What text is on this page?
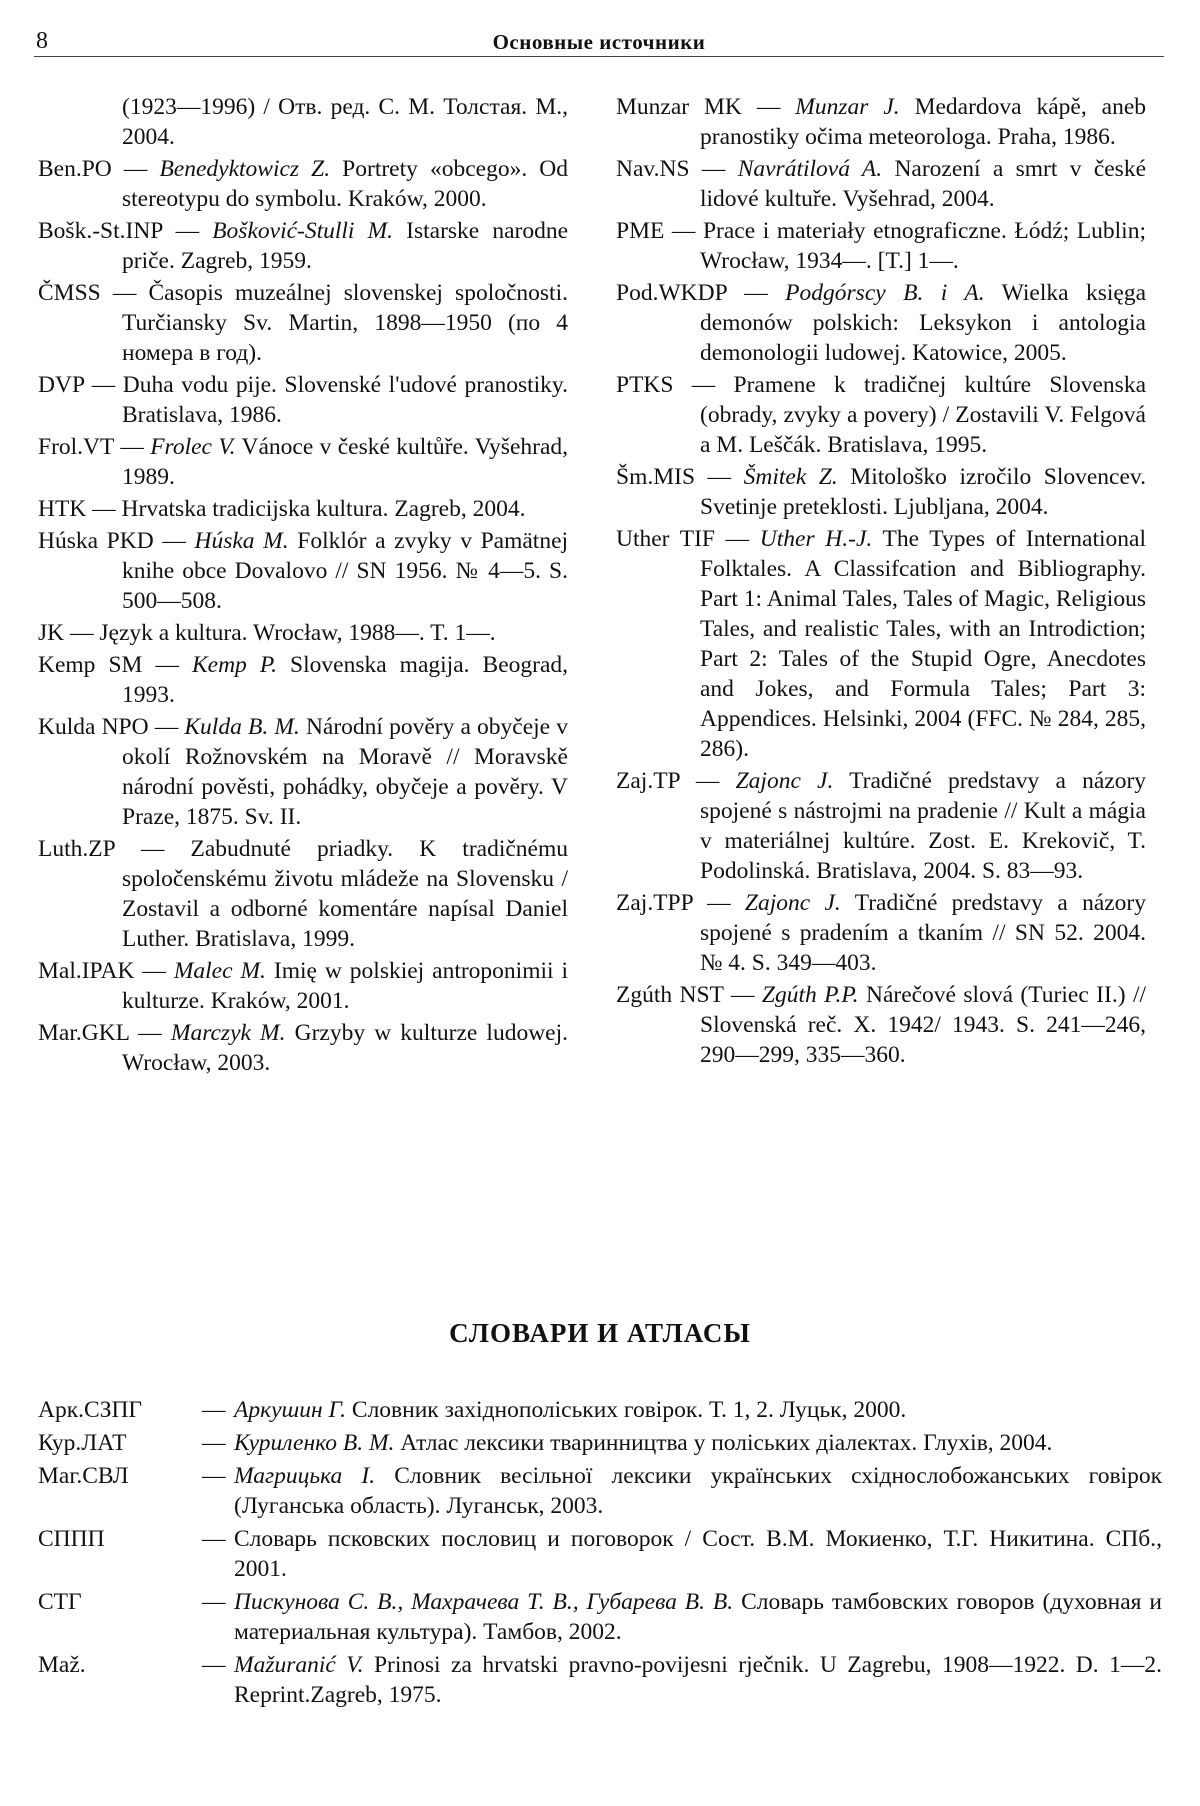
8	Основные источники

(1923—1996) / Отв. ред. С. М. Толстая. М., 2004.

Ben.PO — Benedyktowicz Z. Portrety «obcego». Od stereotypu do symbolu. Kraków, 2000.

Bošk.-St.INP — Bošković-Stulli M. Istarske narodne priče. Zagreb, 1959.

ČMSS — Časopis muzeálnej slovenskej spoločnosti. Turčiansky Sv. Martin, 1898—1950 (по 4 номера в год).

DVP — Duha vodu pije. Slovenské l'udové pranostiky. Bratislava, 1986.

Frol.VT — Frolec V. Vánoce v české kultůře. Vyšehrad, 1989.

HTK — Hrvatska tradicijska kultura. Zagreb, 2004.

Húska PKD — Húska M. Folklór a zvyky v Pamätnej knihe obce Dovalovo // SN 1956. № 4—5. S. 500—508.

JK — Język a kultura. Wrocław, 1988—. T. 1—.

Kemp SM — Kemp P. Slovenska magija. Beograd, 1993.

Kulda NPO — Kulda B. M. Národní pověry a obyčeje v okolí Rožnovském na Moravě // Moravskě národní pověsti, pohádky, obyčeje a pověry. V Praze, 1875. Sv. II.

Luth.ZP — Zabudnuté priadky. K tradičnému spoločenskému životu mládeže na Slovensku / Zostavil a odborné komentáre napísal Daniel Luther. Bratislava, 1999.

Mal.IPAK — Malec M. Imię w polskiej antroponimii i kulturze. Kraków, 2001.

Mar.GKL — Marczyk M. Grzyby w kulturze ludowej. Wrocław, 2003.

Munzar MK — Munzar J. Medardova kápě, aneb pranostiky očima meteorologa. Praha, 1986.

Nav.NS — Navrátilová A. Narození a smrt v české lidové kultuře. Vyšehrad, 2004.

PME — Prace i materiały etnograficzne. Łódź; Lublin; Wrocław, 1934—. [T.] 1—.

Pod.WKDP — Podgórscy B. i A. Wielka księga demonów polskich: Leksykon i antologia demonologii ludowej. Katowice, 2005.

PTKS — Pramene k tradičnej kultúre Slovenska (obrady, zvyky a povery) / Zostavili V. Felgová a M. Leščák. Bratislava, 1995.

Šm.MIS — Šmitek Z. Mitološko izročilo Slovencev. Svetinje preteklosti. Ljubljana, 2004.

Uther TIF — Uther H.-J. The Types of International Folktales. A Classifcation and Bibliography. Part 1: Animal Tales, Tales of Magic, Religious Tales, and realistic Tales, with an Introdiction; Part 2: Tales of the Stupid Ogre, Anecdotes and Jokes, and Formula Tales; Part 3: Appendices. Helsinki, 2004 (FFC. № 284, 285, 286).

Zaj.TP — Zajonc J. Tradičné predstavy a názory spojené s nástrojmi na pradenie // Kult a mágia v materiálnej kultúre. Zost. E. Krekovič, T. Podolinská. Bratislava, 2004. S. 83—93.

Zaj.TPP — Zajonc J. Tradičné predstavy a názory spojené s pradením a tkaním // SN 52. 2004. № 4. S. 349—403.

Zgúth NST — Zgúth P.P. Nárečové slová (Turiec II.) // Slovenská reč. X. 1942/ 1943. S. 241—246, 290—299, 335—360.

СЛОВАРИ И АТЛАСЫ
Арк.СЗПГ	— Аркушин Г. Словник західнополіських говірок. Т. 1, 2. Луцьк, 2000.
Кур.ЛАТ	— Куриленко В. М. Атлас лексики тваринництва у поліських діалектах. Глухів, 2004.
Маг.СВЛ	— Магрицька І. Словник весільної лексики українських східнослобожанських говірок (Луганська область). Луганськ, 2003.
СППП	— Словарь псковских пословиц и поговорок / Сост. В.М. Мокиенко, Т.Г. Никитина. СПб., 2001.
СТГ	— Пискунова С. В., Махрачева Т. В., Губарева В. В. Словарь тамбовских говоров (духовная и материальная культура). Тамбов, 2002.
Maž.	— Mažuranić V. Prinosi za hrvatski pravno-povijesni rječnik. U Zagrebu, 1908—1922. D. 1—2. Reprint.Zagreb, 1975.
